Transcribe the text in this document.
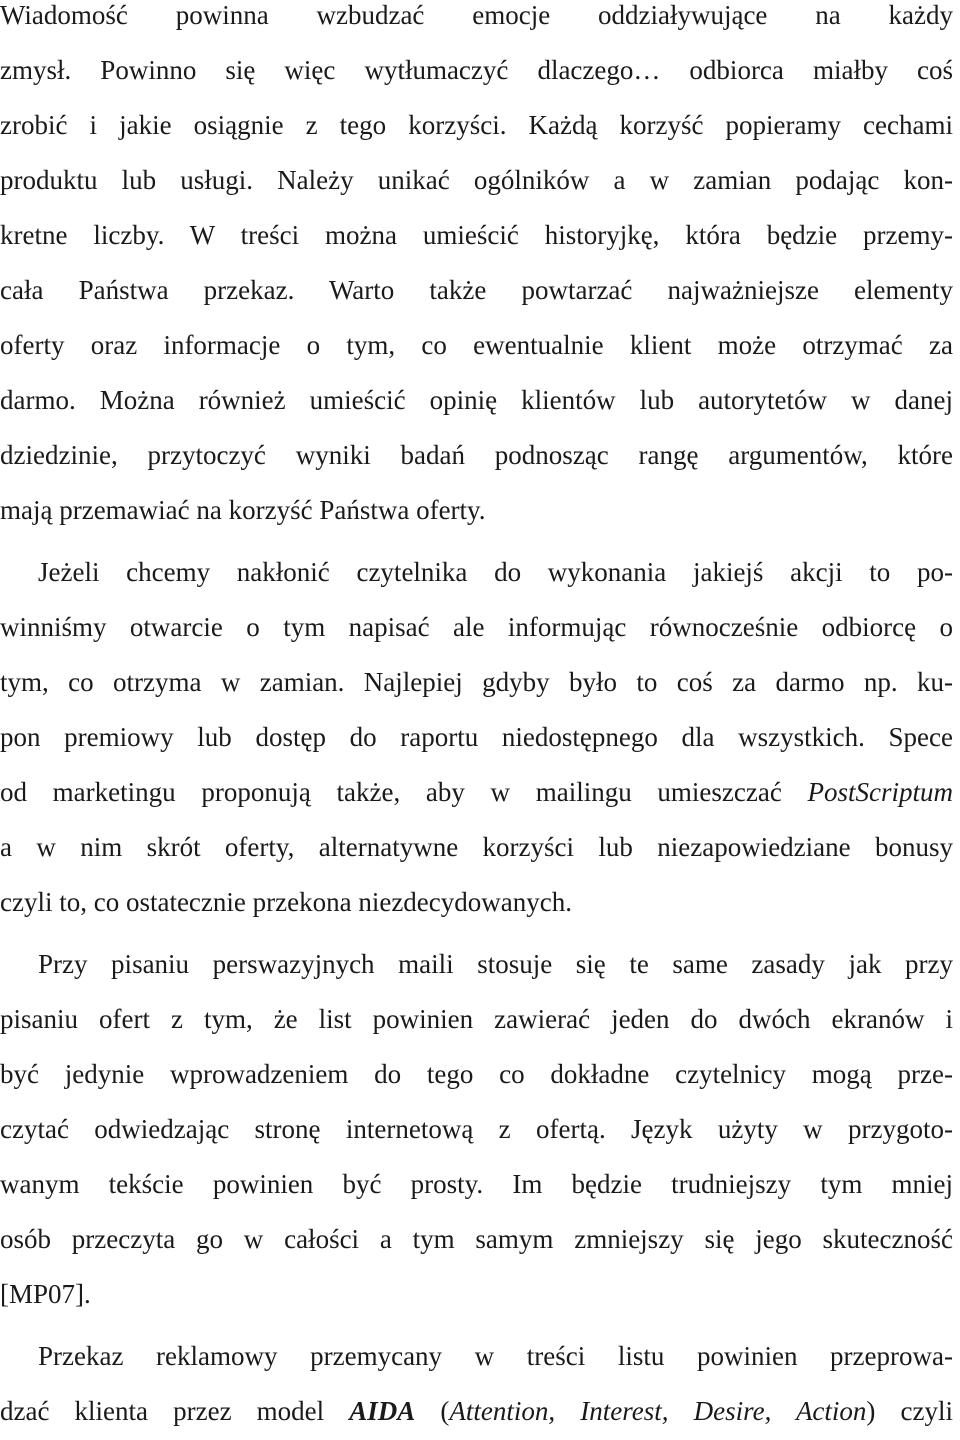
Wiadomość powinna wzbudzać emocje oddziaływujące na każdy

zmysł. Powinno się więc wytłumaczyć dlaczego… odbiorca miałby coś

zrobić i jakie osiągnie z tego korzyści. Każdą korzyść popieramy cechami

produktu lub usługi. Należy unikać ogólników a w zamian podając kon-

kretne liczby. W treści można umieścić historyjkę, która będzie przemy-

cała Państwa przekaz. Warto także powtarzać najważniejsze elementy

oferty oraz informacje o tym, co ewentualnie klient może otrzymać za

darmo. Można również umieścić opinię klientów lub autorytetów w danej

dziedzinie, przytoczyć wyniki badań podnosząc rangę argumentów, które

mają przemawiać na korzyść Państwa oferty.

Jeżeli chcemy nakłonić czytelnika do wykonania jakiejś akcji to po-

winniśmy otwarcie o tym napisać ale informując równocześnie odbiorcę o

tym, co otrzyma w zamian. Najlepiej gdyby było to coś za darmo np. ku-

pon premiowy lub dostęp do raportu niedostępnego dla wszystkich. Spece

od marketingu proponują także, aby w mailingu umieszczać PostScriptum

a w nim skrót oferty, alternatywne korzyści lub niezapowiedziane bonusy

czyli to, co ostatecznie przekona niezdecydowanych.

Przy pisaniu perswazyjnych maili stosuje się te same zasady jak przy

pisaniu ofert z tym, że list powinien zawierać jeden do dwóch ekranów i

być jedynie wprowadzeniem do tego co dokładne czytelnicy mogą prze-

czytać odwiedzając stronę internetową z ofertą. Język użyty w przygoto-

wanym tekście powinien być prosty. Im będzie trudniejszy tym mniej

osób przeczyta go w całości a tym samym zmniejszy się jego skuteczność

[MP07].

Przekaz reklamowy przemycany w treści listu powinien przeprowa-

dzać klienta przez model AIDA (Attention, Interest, Desire, Action) czyli
